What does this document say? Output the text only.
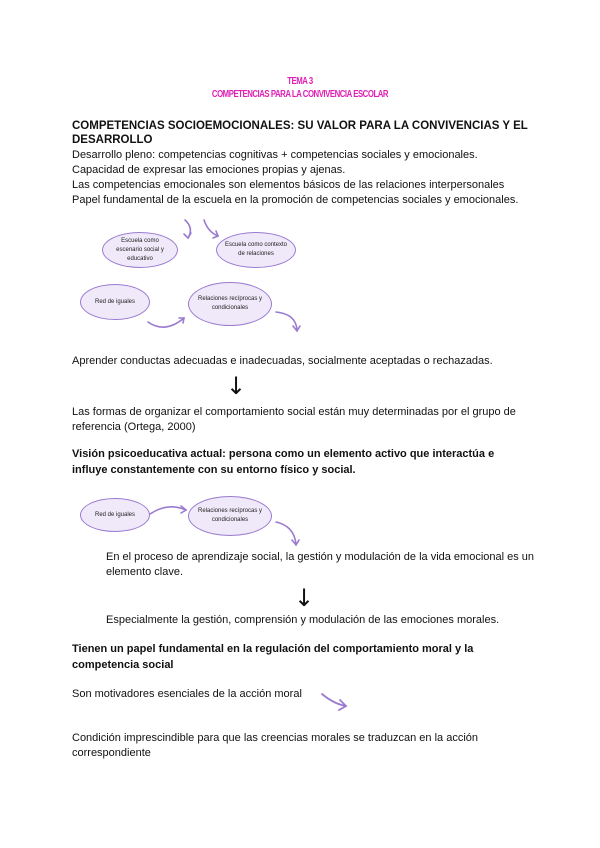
TEMA 3
COMPETENCIAS PARA LA CONVIVENCIA ESCOLAR
COMPETENCIAS SOCIOEMOCIONALES: SU VALOR PARA LA CONVIVENCIAS Y EL DESARROLLO
Desarrollo pleno: competencias cognitivas + competencias sociales y emocionales.
Capacidad de expresar las emociones propias y ajenas.
Las competencias emocionales son elementos básicos de las relaciones interpersonales
Papel fundamental de la escuela en la promoción de competencias sociales y emocionales.
Escuela como escenario social y educativo
Escuela como contexto de relaciones
Red de iguales	Relaciones recíprocas y condicionales
Aprender conductas adecuadas e inadecuadas, socialmente aceptadas o rechazadas.
↓
Las formas de organizar el comportamiento social están muy determinadas por el grupo de referencia (Ortega, 2000)
Visión psicoeducativa actual: persona como un elemento activo que interactúa e influye constantemente con su entorno físico y social.
Red de iguales
Relaciones recíprocas y condicionales
En el proceso de aprendizaje social, la gestión y modulación de la vida emocional es un elemento clave.
↓
Especialmente la gestión, comprensión y modulación de las emociones morales.
Tienen un papel fundamental en la regulación del comportamiento moral y la competencia social
Son motivadores esenciales de la acción moral
Condición imprescindible para que las creencias morales se traduzcan en la acción correspondiente
